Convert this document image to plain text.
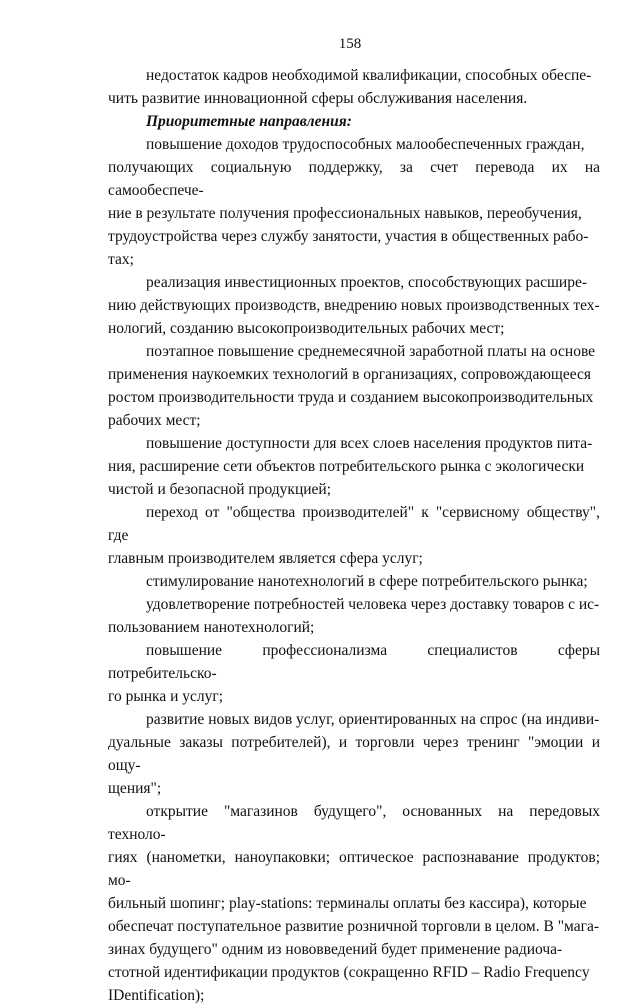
158

недостаток кадров необходимой квалификации, способных обеспе-
чить развитие инновационной сферы обслуживания населения.

Приоритетные направления:

повышение доходов трудоспособных малообеспеченных граждан,
получающих социальную поддержку, за счет перевода их на самообеспече-
ние в результате получения профессиональных навыков, переобучения,
трудоустройства через службу занятости, участия в общественных рабо-
тах;

реализация инвестиционных проектов, способствующих расшире-
нию действующих производств, внедрению новых производственных тех-
нологий, созданию высокопроизводительных рабочих мест;

поэтапное повышение среднемесячной заработной платы на основе
применения наукоемких технологий в организациях, сопровождающееся
ростом производительности труда и созданием высокопроизводительных
рабочих мест;

повышение доступности для всех слоев населения продуктов пита-
ния, расширение сети объектов потребительского рынка с экологически
чистой и безопасной продукцией;

переход от "общества производителей" к "сервисному обществу", где
главным производителем является сфера услуг;

стимулирование нанотехнологий в сфере потребительского рынка;

удовлетворение потребностей человека через доставку товаров с ис-
пользованием нанотехнологий;

повышение профессионализма специалистов сферы потребительско-
го рынка и услуг;

развитие новых видов услуг, ориентированных на спрос (на индиви-
дуальные заказы потребителей), и торговли через тренинг "эмоции и ощу-
щения";

открытие "магазинов будущего", основанных на передовых техноло-
гиях (нанометки, наноупаковки; оптическое распознавание продуктов; мо-
бильный шопинг; play-stations: терминалы оплаты без кассира), которые
обеспечат поступательное развитие розничной торговли в целом. В "мага-
зинах будущего" одним из нововведений будет применение радиоча-
стотной идентификации продуктов (сокращенно RFID – Radio Frequency
IDentification);
